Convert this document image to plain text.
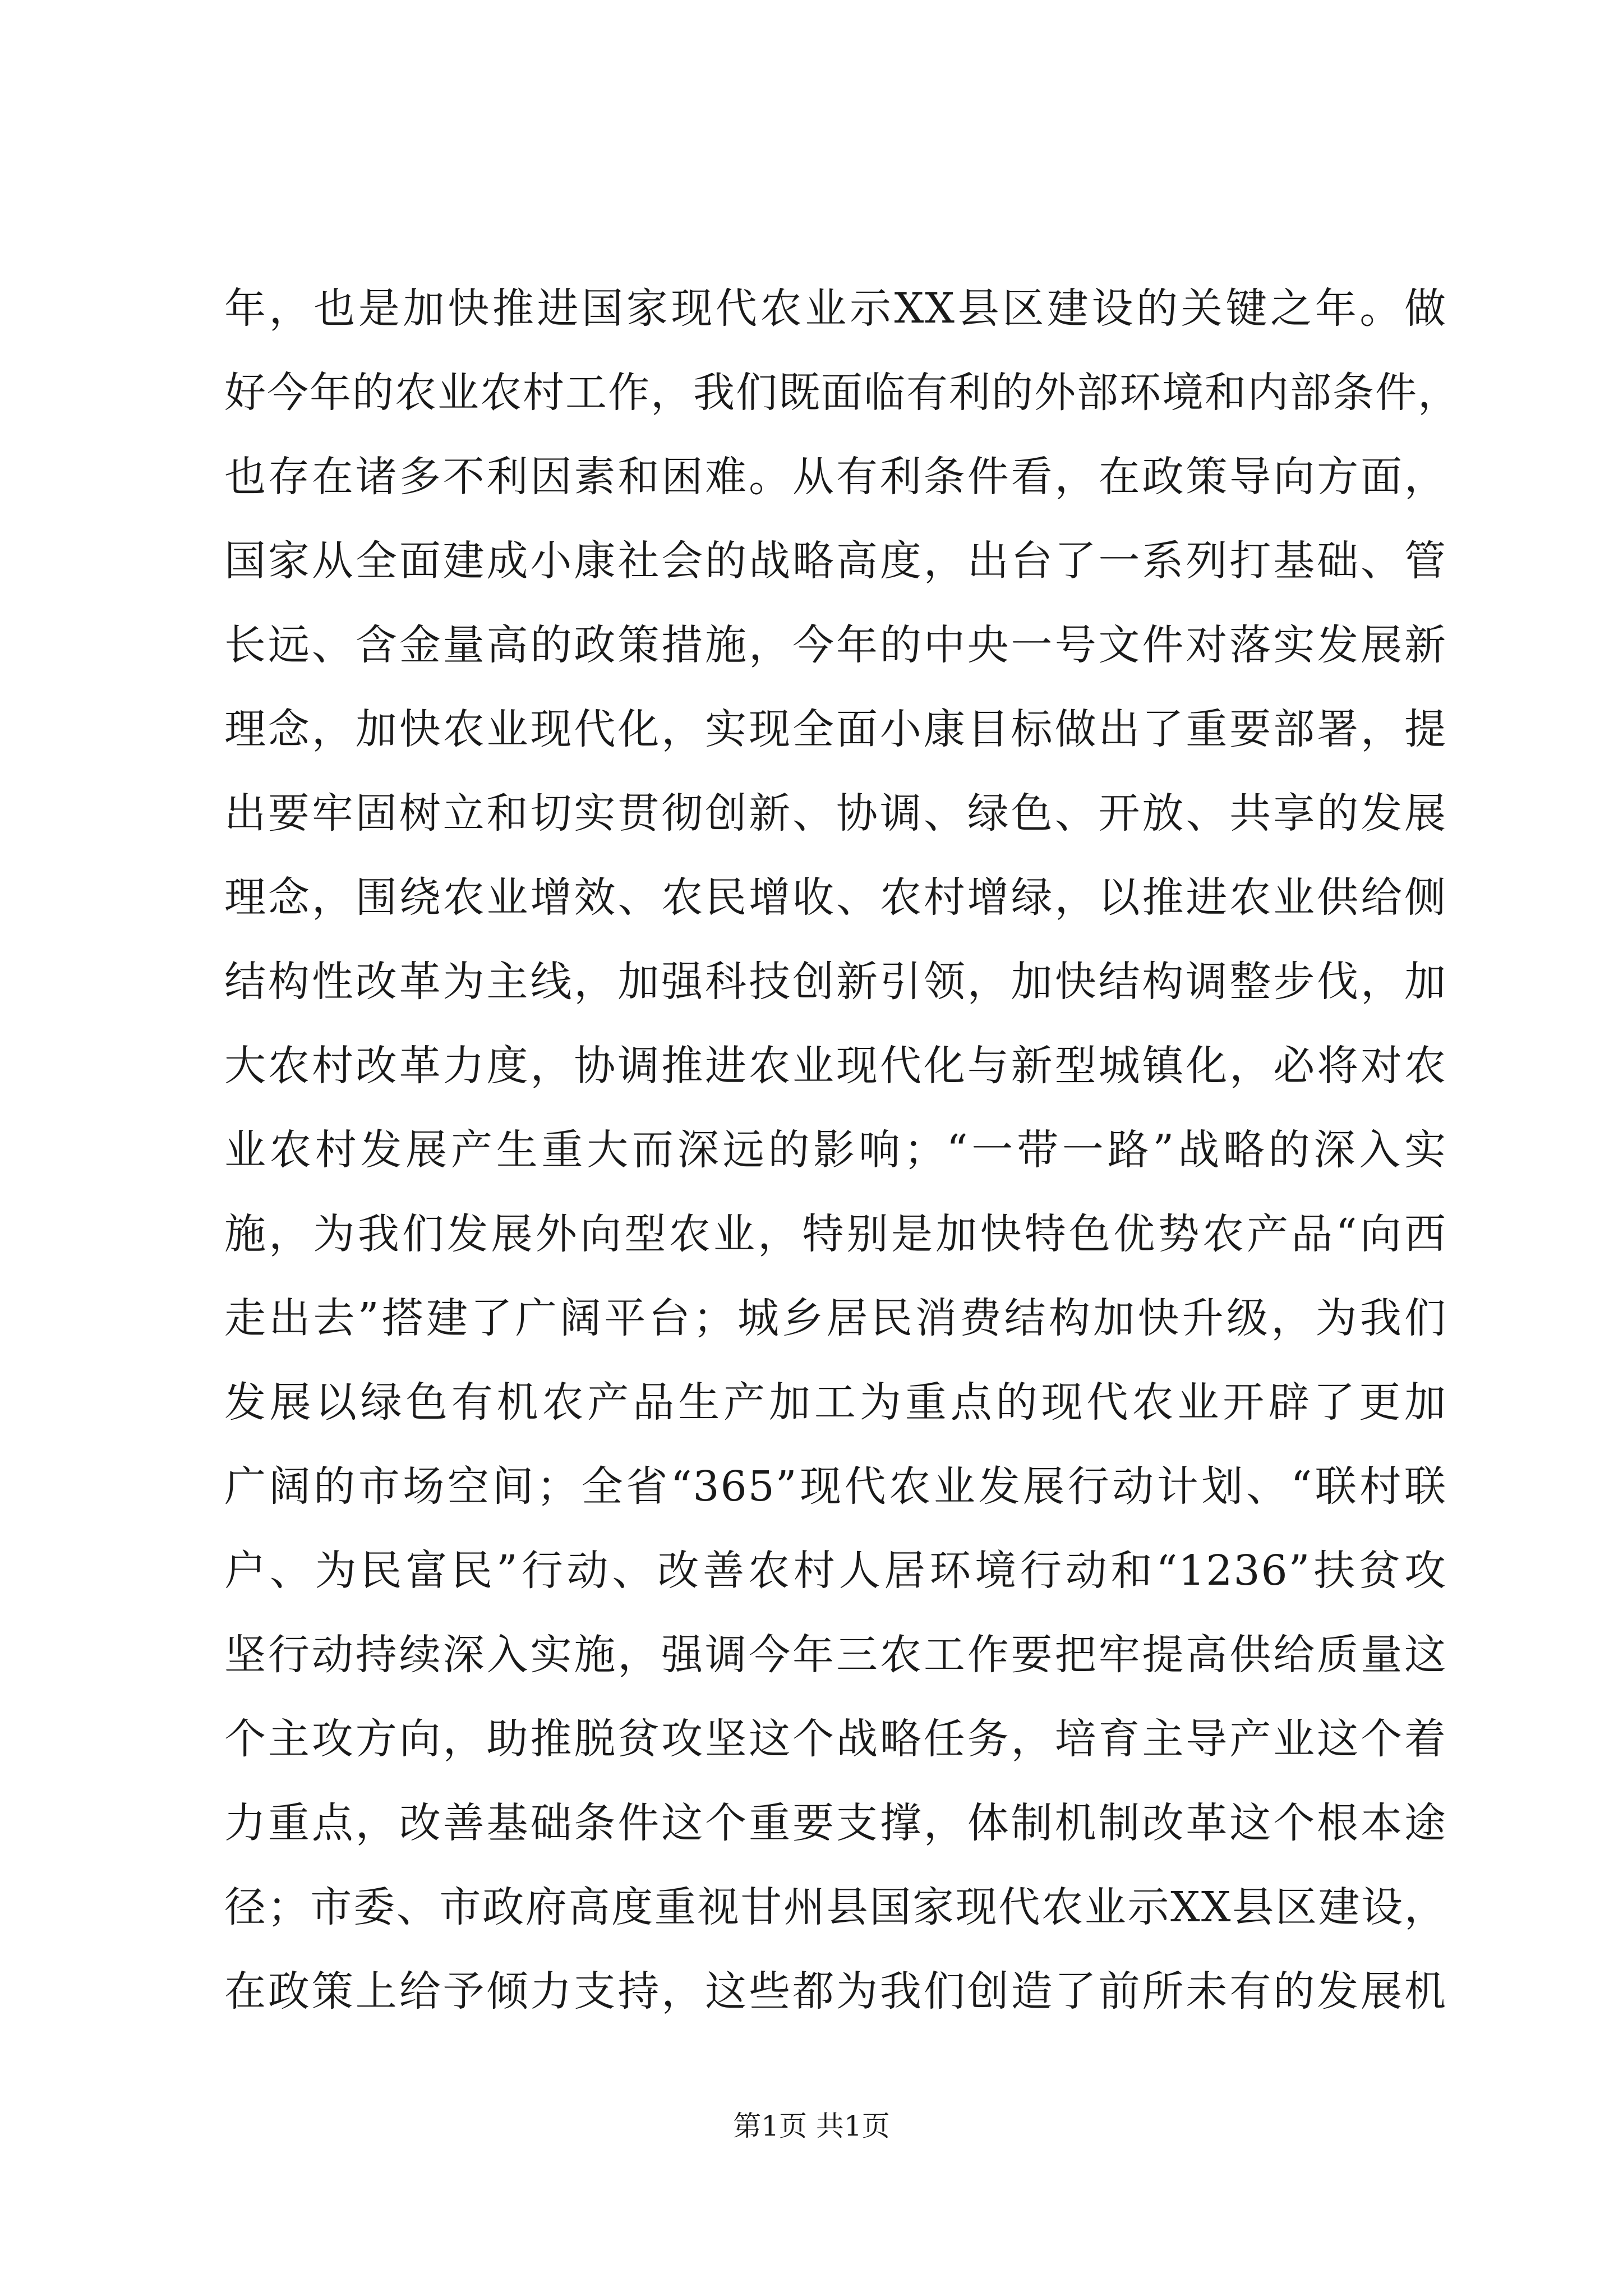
年，也是加快推进国家现代农业示XX县区建设的关键之年。做
好今年的农业农村工作，我们既面临有利的外部环境和内部条件，
也存在诸多不利因素和困难。从有利条件看，在政策导向方面，
国家从全面建成小康社会的战略高度，出台了一系列打基础、管
长远、含金量高的政策措施，今年的中央一号文件对落实发展新
理念，加快农业现代化，实现全面小康目标做出了重要部署，提
出要牢固树立和切实贯彻创新、协调、绿色、开放、共享的发展
理念，围绕农业增效、农民增收、农村增绿，以推进农业供给侧
结构性改革为主线，加强科技创新引领，加快结构调整步伐，加
大农村改革力度，协调推进农业现代化与新型城镇化，必将对农
业农村发展产生重大而深远的影响；“一带一路”战略的深入实
施，为我们发展外向型农业，特别是加快特色优势农产品“向西
走出去”搭建了广阔平台；城乡居民消费结构加快升级，为我们
发展以绿色有机农产品生产加工为重点的现代农业开辟了更加
广阔的市场空间；全省“365”现代农业发展行动计划、“联村联
户、为民富民”行动、改善农村人居环境行动和“1236”扶贫攻
坚行动持续深入实施，强调今年三农工作要把牢提高供给质量这
个主攻方向，助推脱贫攻坚这个战略任务，培育主导产业这个着
力重点，改善基础条件这个重要支撑，体制机制改革这个根本途
径；市委、市政府高度重视甘州县国家现代农业示XX县区建设，
在政策上给予倾力支持，这些都为我们创造了前所未有的发展机
第1页 共1页
